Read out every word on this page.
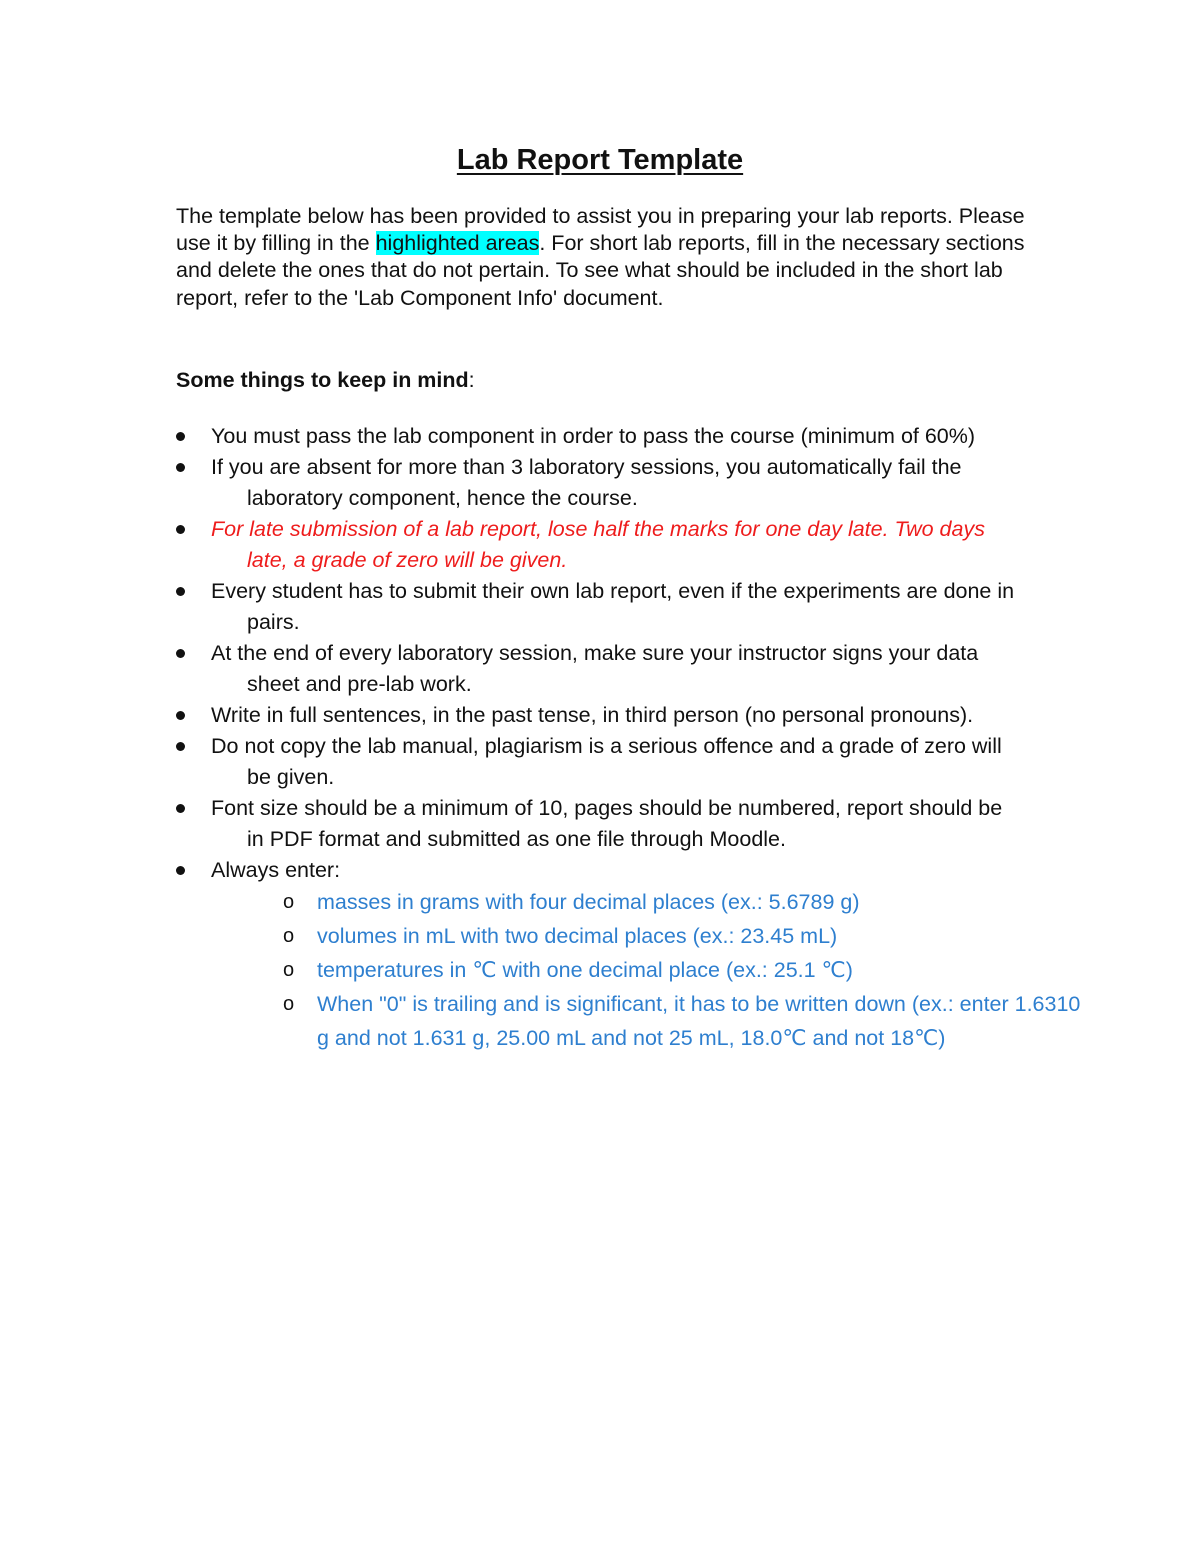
Lab Report Template

The template below has been provided to assist you in preparing your lab reports. Please use it by filling in the highlighted areas. For short lab reports, fill in the necessary sections and delete the ones that do not pertain. To see what should be included in the short lab report, refer to the 'Lab Component Info' document.

Some things to keep in mind:

You must pass the lab component in order to pass the course (minimum of 60%)
If you are absent for more than 3 laboratory sessions, you automatically fail the
laboratory component, hence the course.
For late submission of a lab report, lose half the marks for one day late. Two days
late, a grade of zero will be given.
Every student has to submit their own lab report, even if the experiments are done in
pairs.
At the end of every laboratory session, make sure your instructor signs your data
sheet and pre-lab work.
Write in full sentences, in the past tense, in third person (no personal pronouns).
Do not copy the lab manual, plagiarism is a serious offence and a grade of zero will
be given.
Font size should be a minimum of 10, pages should be numbered, report should be
in PDF format and submitted as one file through Moodle.
Always enter:
o masses in grams with four decimal places (ex.: 5.6789 g)
o volumes in mL with two decimal places (ex.: 23.45 mL)
o temperatures in ℃ with one decimal place (ex.: 25.1 ℃)
o When "0" is trailing and is significant, it has to be written down (ex.: enter 1.6310 g and not 1.631 g, 25.00 mL and not 25 mL, 18.0℃ and not 18℃)
